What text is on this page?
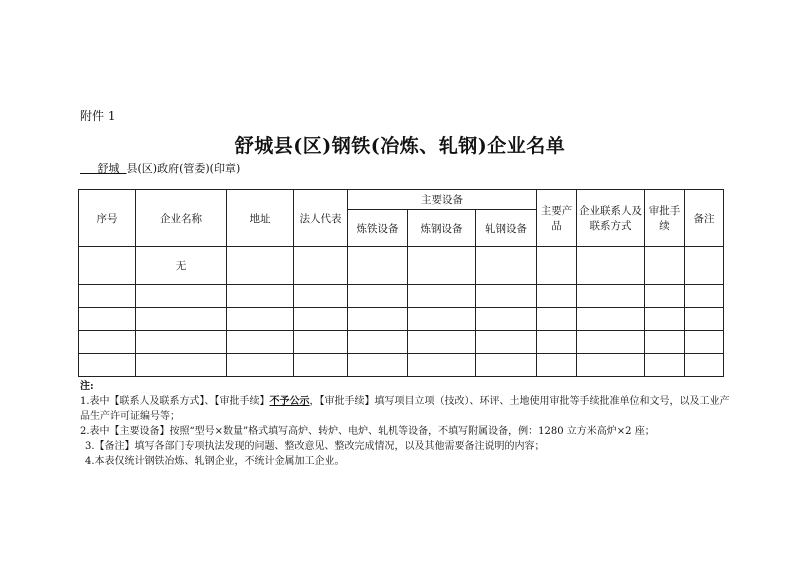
附件 1
舒城县(区)钢铁(冶炼、轧钢)企业名单
舒城 县(区)政府(管委)(印章)
序号	企业名称	地址	法人代表	主要设备			主要产品	企业联系人及联系方式	审批手续	备注
				炼铁设备	炼钢设备	轧钢设备				
	无									

注:

1.表中【联系人及联系方式】、【审批手续】不予公示，【审批手续】填写项目立项（技改）、环评、土地使用审批等手续批准单位和文号，以及工业产品生产许可证编号等；

2.表中【主要设备】按照“型号×数量”格式填写高炉、转炉、电炉、轧机等设备，不填写附属设备，例：1280 立方米高炉×2 座；

3.【备注】填写各部门专项执法发现的问题、整改意见、整改完成情况，以及其他需要备注说明的内容；

4.本表仅统计钢铁冶炼、轧钢企业，不统计金属加工企业。
